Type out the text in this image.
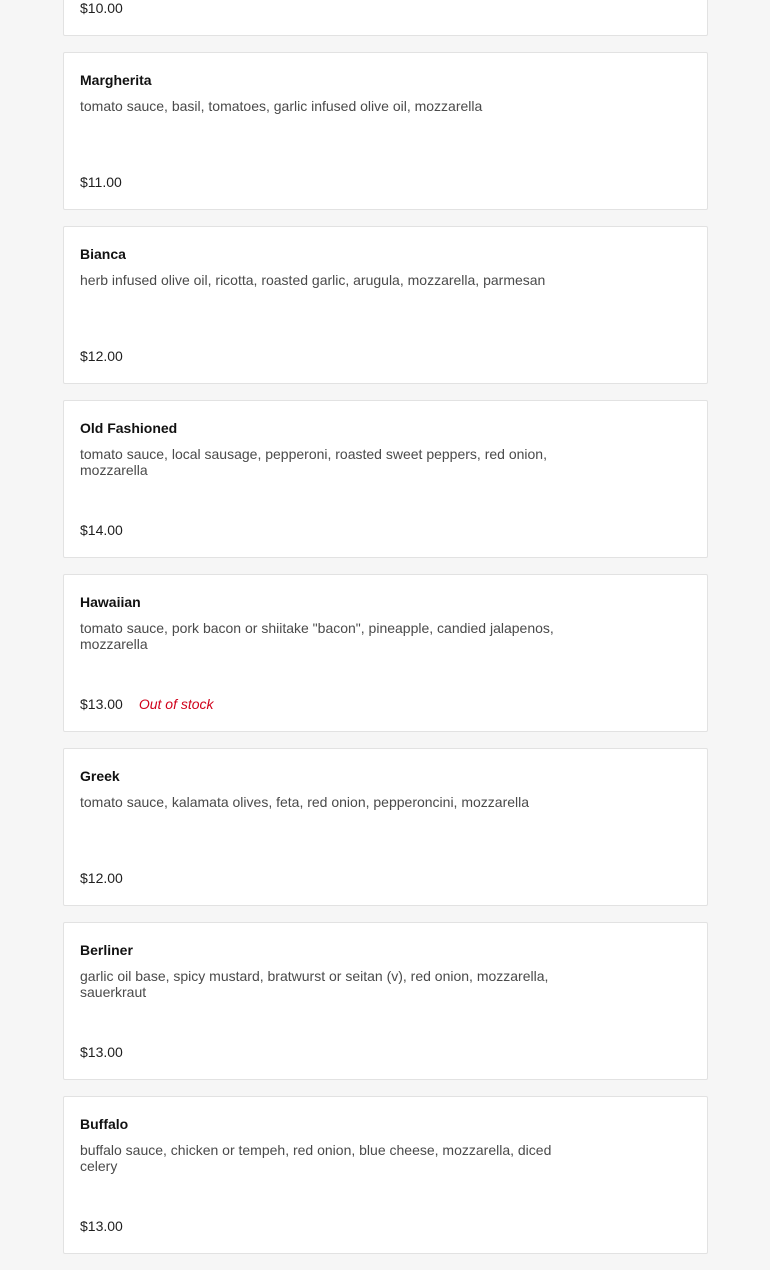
$10.00
Margherita
tomato sauce, basil, tomatoes, garlic infused olive oil, mozzarella
$11.00
Bianca
herb infused olive oil, ricotta, roasted garlic, arugula, mozzarella, parmesan
$12.00
Old Fashioned
tomato sauce, local sausage, pepperoni, roasted sweet peppers, red onion, mozzarella
$14.00
Hawaiian
tomato sauce, pork bacon or shiitake "bacon", pineapple, candied jalapenos, mozzarella
$13.00 Out of stock
Greek
tomato sauce, kalamata olives, feta, red onion, pepperoncini, mozzarella
$12.00
Berliner
garlic oil base, spicy mustard, bratwurst or seitan (v), red onion, mozzarella, sauerkraut
$13.00
Buffalo
buffalo sauce, chicken or tempeh, red onion, blue cheese, mozzarella, diced celery
$13.00
